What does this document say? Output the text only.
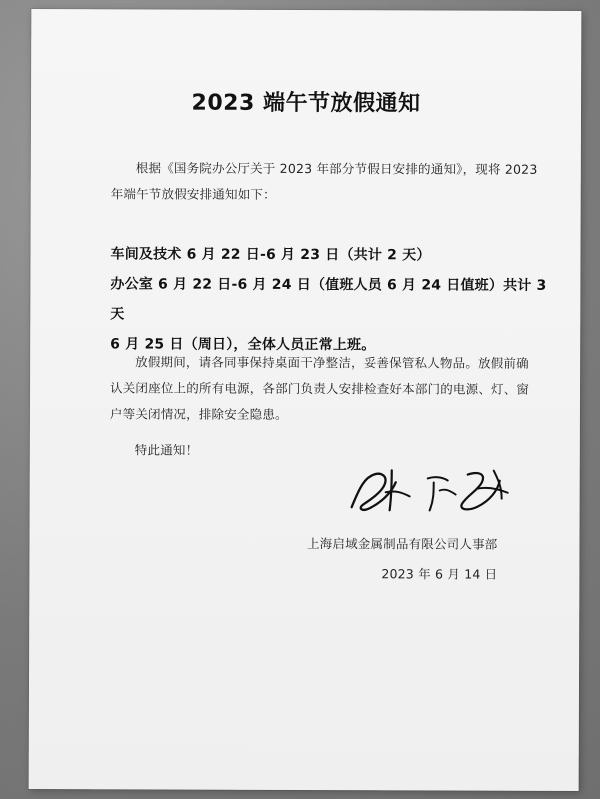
2023 端午节放假通知
根据《国务院办公厅关于 2023 年部分节假日安排的通知》，现将 2023 年端午节放假安排通知如下：
车间及技术 6 月 22 日-6 月 23 日（共计 2 天）
办公室 6 月 22 日-6 月 24 日（值班人员 6 月 24 日值班）共计 3 天
6 月 25 日（周日），全体人员正常上班。
放假期间，请各同事保持桌面干净整洁，妥善保管私人物品。放假前确认关闭座位上的所有电源，各部门负责人安排检查好本部门的电源、灯、窗户等关闭情况，排除安全隐患。
特此通知！
上海启域金属制品有限公司人事部
2023 年 6 月 14 日
